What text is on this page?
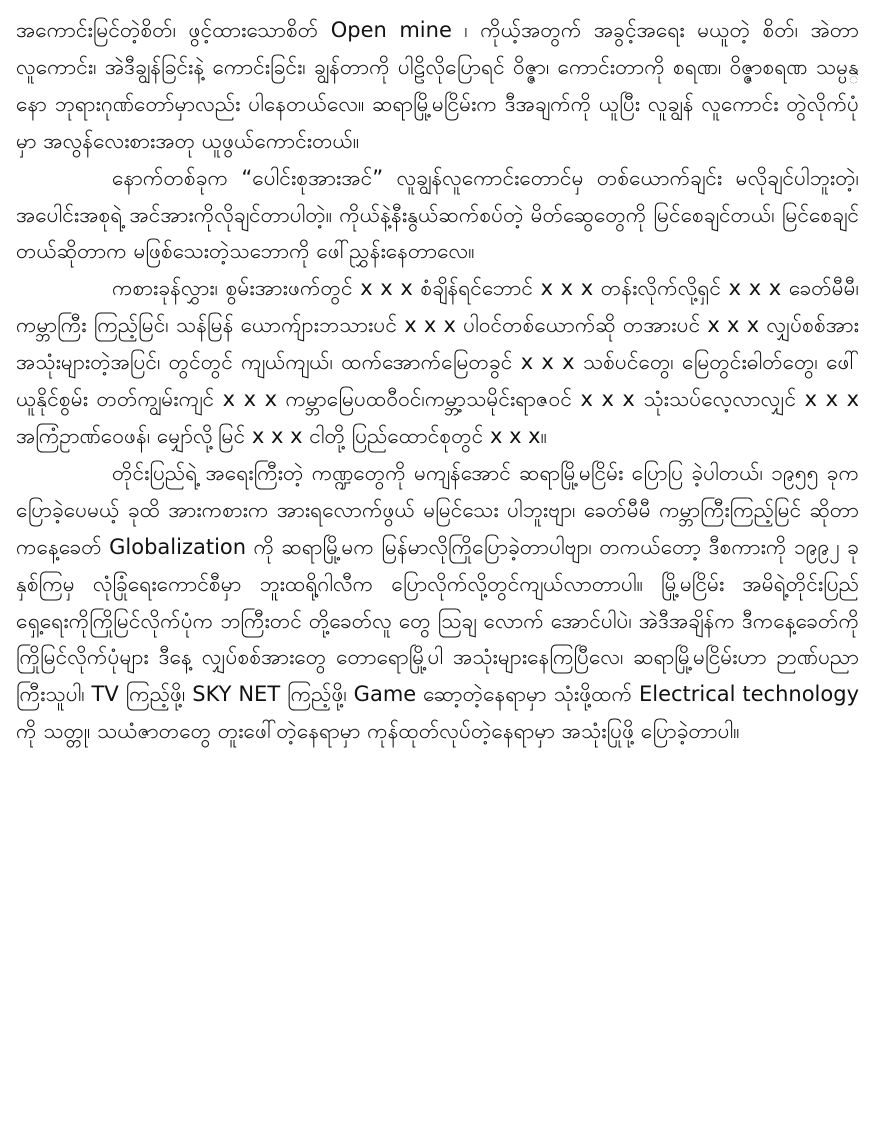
အကောင်းမြင်တဲ့စိတ်၊ ဖွင့်ထားသောစိတ် Open mine ၊ ကိုယ့်အတွက် အခွင့်အရေး မယူတဲ့ စိတ်၊ အဲတာလူကောင်း၊ အဲဒီချွန်ခြင်းနဲ့ ကောင်းခြင်း၊ ချွန်တာကို ပါဠိလိုပြောရင် ဝိဇ္ဇာ၊ ကောင်းတာကို စရဏ၊ ဝိဇ္ဇာစရဏ သမ္ပန္နော ဘုရားဂုဏ်တော်မှာလည်း ပါနေတယ်လေ။ ဆရာမြို့မငြိမ်းက ဒီအချက်ကို ယူပြီး လူချွန် လူကောင်း တွဲလိုက်ပုံမှာ အလွန်လေးစားအတု ယူဖွယ်ကောင်းတယ်။

နောက်တစ်ခုက “ပေါင်းစုအားအင်” လူချွန်လူကောင်းတောင်မှ တစ်ယောက်ချင်း မလိုချင်ပါဘူးတဲ့၊ အပေါင်းအစုရဲ့ အင်အားကိုလိုချင်တာပါတဲ့။ ကိုယ်နဲ့နီးနွယ်ဆက်စပ်တဲ့ မိတ်ဆွေတွေကို မြင်စေချင်တယ်၊ မြင်စေချင်တယ်ဆိုတာက မဖြစ်သေးတဲ့သဘောကို ဖေါ်ညွှန်းနေတာလေ။

ကစားခုန်လွှား၊ စွမ်းအားဖက်တွင် x x x စံချိန်ရင်ဘောင် x x x တန်းလိုက်လို့ရှင် x x x ခေတ်မီမီ၊ ကမ္ဘာကြီး ကြည့်မြင်၊ သန်မြန် ယောက်ျားဘသားပင် x x x ပါဝင်တစ်ယောက်ဆို တအားပင် x x x လျှပ်စစ်အား အသုံးများတဲ့အပြင်၊ တွင်တွင် ကျယ်ကျယ်၊ ထက်အောက်မြေတခွင် x x x သစ်ပင်တွေ၊ မြေတွင်းဓါတ်တွေ၊ ဖေါ်ယူနိုင်စွမ်း တတ်ကျွမ်းကျင် x x x ကမ္ဘာမြေပထဝီဝင်၊ကမ္ဘာ့သမိုင်းရာဇဝင် x x x သုံးသပ်လေ့လာလျှင် x x x အကြံဥာဏ်ဝေဖန်၊ မျှော်လို့မြင် x x x ငါတို့ ပြည်ထောင်စုတွင် x x x။

တိုင်းပြည်ရဲ့ အရေးကြီးတဲ့ ကဏ္ဍတွေကို မကျန်အောင် ဆရာမြို့မငြိမ်း ပြောပြ ခဲ့ပါတယ်၊ ၁၉၅၅ ခုကပြောခဲ့ပေမယ့် ခုထိ အားကစားက အားရလောက်ဖွယ် မမြင်သေး ပါဘူးဗျာ၊ ခေတ်မီမီ ကမ္ဘာကြီးကြည့်မြင် ဆိုတာ ကနေ့ခေတ် Globalization ကို ဆရာမြို့မက မြန်မာလိုကြိုပြောခဲ့တာပါဗျာ၊ တကယ်တော့ ဒီစကားကို ၁၉၉၂ ခုနှစ်ကြမှ လုံခြုံရေးကောင်စီမှာ ဘူးထရို့ဂါလီက ပြောလိုက်လို့တွင်ကျယ်လာတာပါ။ မြို့မငြိမ်း အမိရဲ့တိုင်းပြည် ရှေ့ရေးကိုကြိုမြင်လိုက်ပုံက ဘကြီးတင် တို့ခေတ်လူ တွေ သြချ လောက် အောင်ပါပဲ၊ အဲဒီအချိန်က ဒီကနေ့ခေတ်ကိုကြိုမြင်လိုက်ပုံများ ဒီနေ့ လျှပ်စစ်အားတွေ တောရောမြို့ပါ အသုံးများနေကြပြီလေ၊ ဆရာမြို့မငြိမ်းဟာ ဉာဏ်ပညာကြီးသူပါ၊ TV ကြည့်ဖို့၊ SKY NET ကြည့်ဖို့၊ Game ဆော့တဲ့နေရာမှာ သုံးဖို့ထက် Electrical technology ကို သတ္တု၊ သယံဇာတတွေ တူးဖေါ်တဲ့နေရာမှာ ကုန်ထုတ်လုပ်တဲ့နေရာမှာ အသုံးပြုဖို့ ပြောခဲ့တာပါ။
